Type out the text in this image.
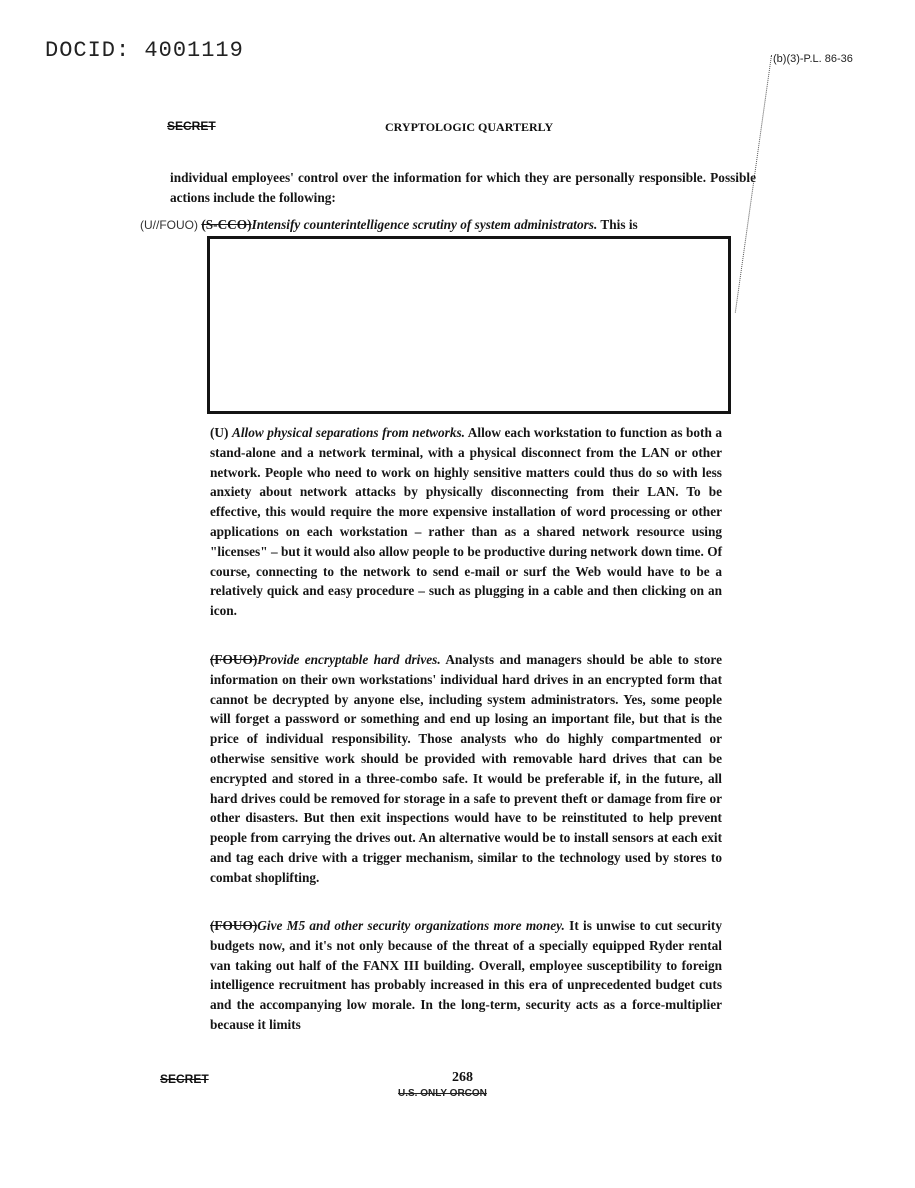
DOCID: 4001119	(b)(3)-P.L. 86-36
SECRET	CRYPTOLOGIC QUARTERLY
individual employees' control over the information for which they are personally responsible. Possible actions include the following:
(U//FOUO) (S-CCO)Intensify counterintelligence scrutiny of system administrators. This is
(U) Allow physical separations from networks. Allow each workstation to function as both a stand-alone and a network terminal, with a physical disconnect from the LAN or other network. People who need to work on highly sensitive matters could thus do so with less anxiety about network attacks by physically disconnecting from their LAN. To be effective, this would require the more expensive installation of word processing or other applications on each workstation – rather than as a shared network resource using "licenses" – but it would also allow people to be productive during network down time. Of course, connecting to the network to send e-mail or surf the Web would have to be a relatively quick and easy procedure – such as plugging in a cable and then clicking on an icon.
(FOUO)Provide encryptable hard drives. Analysts and managers should be able to store information on their own workstations' individual hard drives in an encrypted form that cannot be decrypted by anyone else, including system administrators. Yes, some people will forget a password or something and end up losing an important file, but that is the price of individual responsibility. Those analysts who do highly compartmented or otherwise sensitive work should be provided with removable hard drives that can be encrypted and stored in a three-combo safe. It would be preferable if, in the future, all hard drives could be removed for storage in a safe to prevent theft or damage from fire or other disasters. But then exit inspections would have to be reinstituted to help prevent people from carrying the drives out. An alternative would be to install sensors at each exit and tag each drive with a trigger mechanism, similar to the technology used by stores to combat shoplifting.
(FOUO)Give M5 and other security organizations more money. It is unwise to cut security budgets now, and it's not only because of the threat of a specially equipped Ryder rental van taking out half of the FANX III building. Overall, employee susceptibility to foreign intelligence recruitment has probably increased in this era of unprecedented budget cuts and the accompanying low morale. In the long-term, security acts as a force-multiplier because it limits
SECRET	268
U.S. ONLY ORCON
